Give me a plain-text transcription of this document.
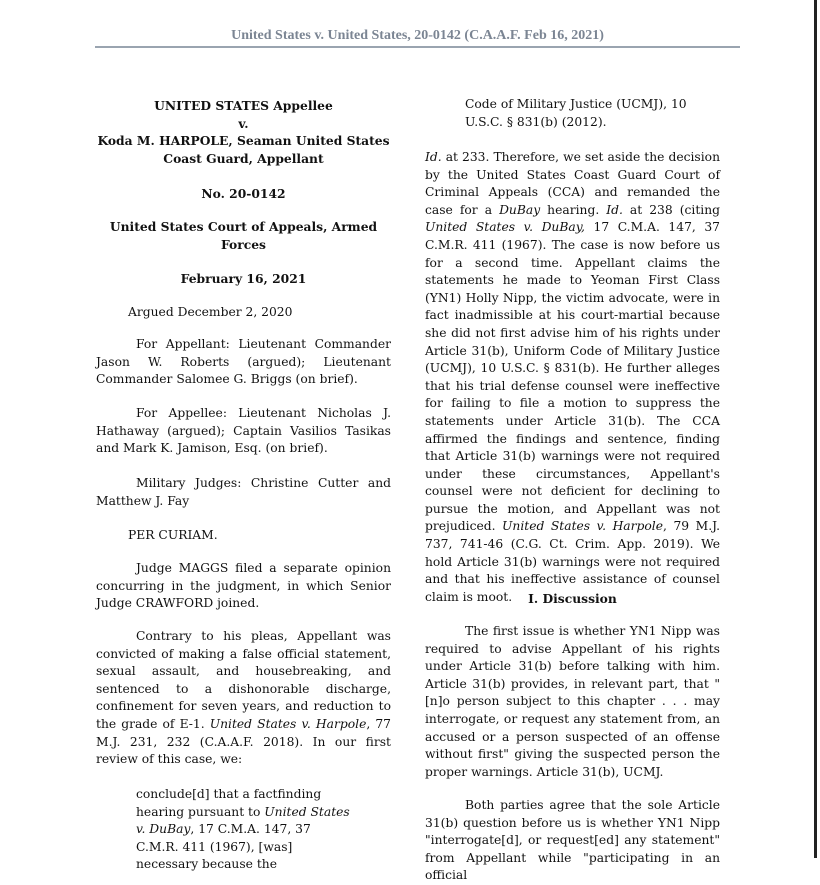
United States v. United States, 20-0142 (C.A.A.F. Feb 16, 2021)
UNITED STATES Appellee
v.
Koda M. HARPOLE, Seaman United States Coast Guard, Appellant
No. 20-0142
United States Court of Appeals, Armed Forces
February 16, 2021
Argued December 2, 2020
For Appellant: Lieutenant Commander Jason W. Roberts (argued); Lieutenant Commander Salomee G. Briggs (on brief).
For Appellee: Lieutenant Nicholas J. Hathaway (argued); Captain Vasilios Tasikas and Mark K. Jamison, Esq. (on brief).
Military Judges: Christine Cutter and Matthew J. Fay
PER CURIAM.
Judge MAGGS filed a separate opinion concurring in the judgment, in which Senior Judge CRAWFORD joined.
Contrary to his pleas, Appellant was convicted of making a false official statement, sexual assault, and housebreaking, and sentenced to a dishonorable discharge, confinement for seven years, and reduction to the grade of E-1. United States v. Harpole, 77 M.J. 231, 232 (C.A.A.F. 2018). In our first review of this case, we:
conclude[d] that a factfinding hearing pursuant to United States v. DuBay, 17 C.M.A. 147, 37 C.M.R. 411 (1967), [was] necessary because the
Code of Military Justice (UCMJ), 10 U.S.C. § 831(b) (2012).
Id. at 233. Therefore, we set aside the decision by the United States Coast Guard Court of Criminal Appeals (CCA) and remanded the case for a DuBay hearing. Id. at 238 (citing United States v. DuBay, 17 C.M.A. 147, 37 C.M.R. 411 (1967). The case is now before us for a second time. Appellant claims the statements he made to Yeoman First Class (YN1) Holly Nipp, the victim advocate, were in fact inadmissible at his court-martial because she did not first advise him of his rights under Article 31(b), Uniform Code of Military Justice (UCMJ), 10 U.S.C. § 831(b). He further alleges that his trial defense counsel were ineffective for failing to file a motion to suppress the statements under Article 31(b). The CCA affirmed the findings and sentence, finding that Article 31(b) warnings were not required under these circumstances, Appellant's counsel were not deficient for declining to pursue the motion, and Appellant was not prejudiced. United States v. Harpole, 79 M.J. 737, 741-46 (C.G. Ct. Crim. App. 2019). We hold Article 31(b) warnings were not required and that his ineffective assistance of counsel claim is moot.	I. Discussion
The first issue is whether YN1 Nipp was required to advise Appellant of his rights under Article 31(b) before talking with him. Article 31(b) provides, in relevant part, that "[n]o person subject to this chapter . . . may interrogate, or request any statement from, an accused or a person suspected of an offense without first" giving the suspected person the proper warnings. Article 31(b), UCMJ.
Both parties agree that the sole Article 31(b) question before us is whether YN1 Nipp "interrogate[d], or request[ed] any statement" from Appellant while "participating in an official
